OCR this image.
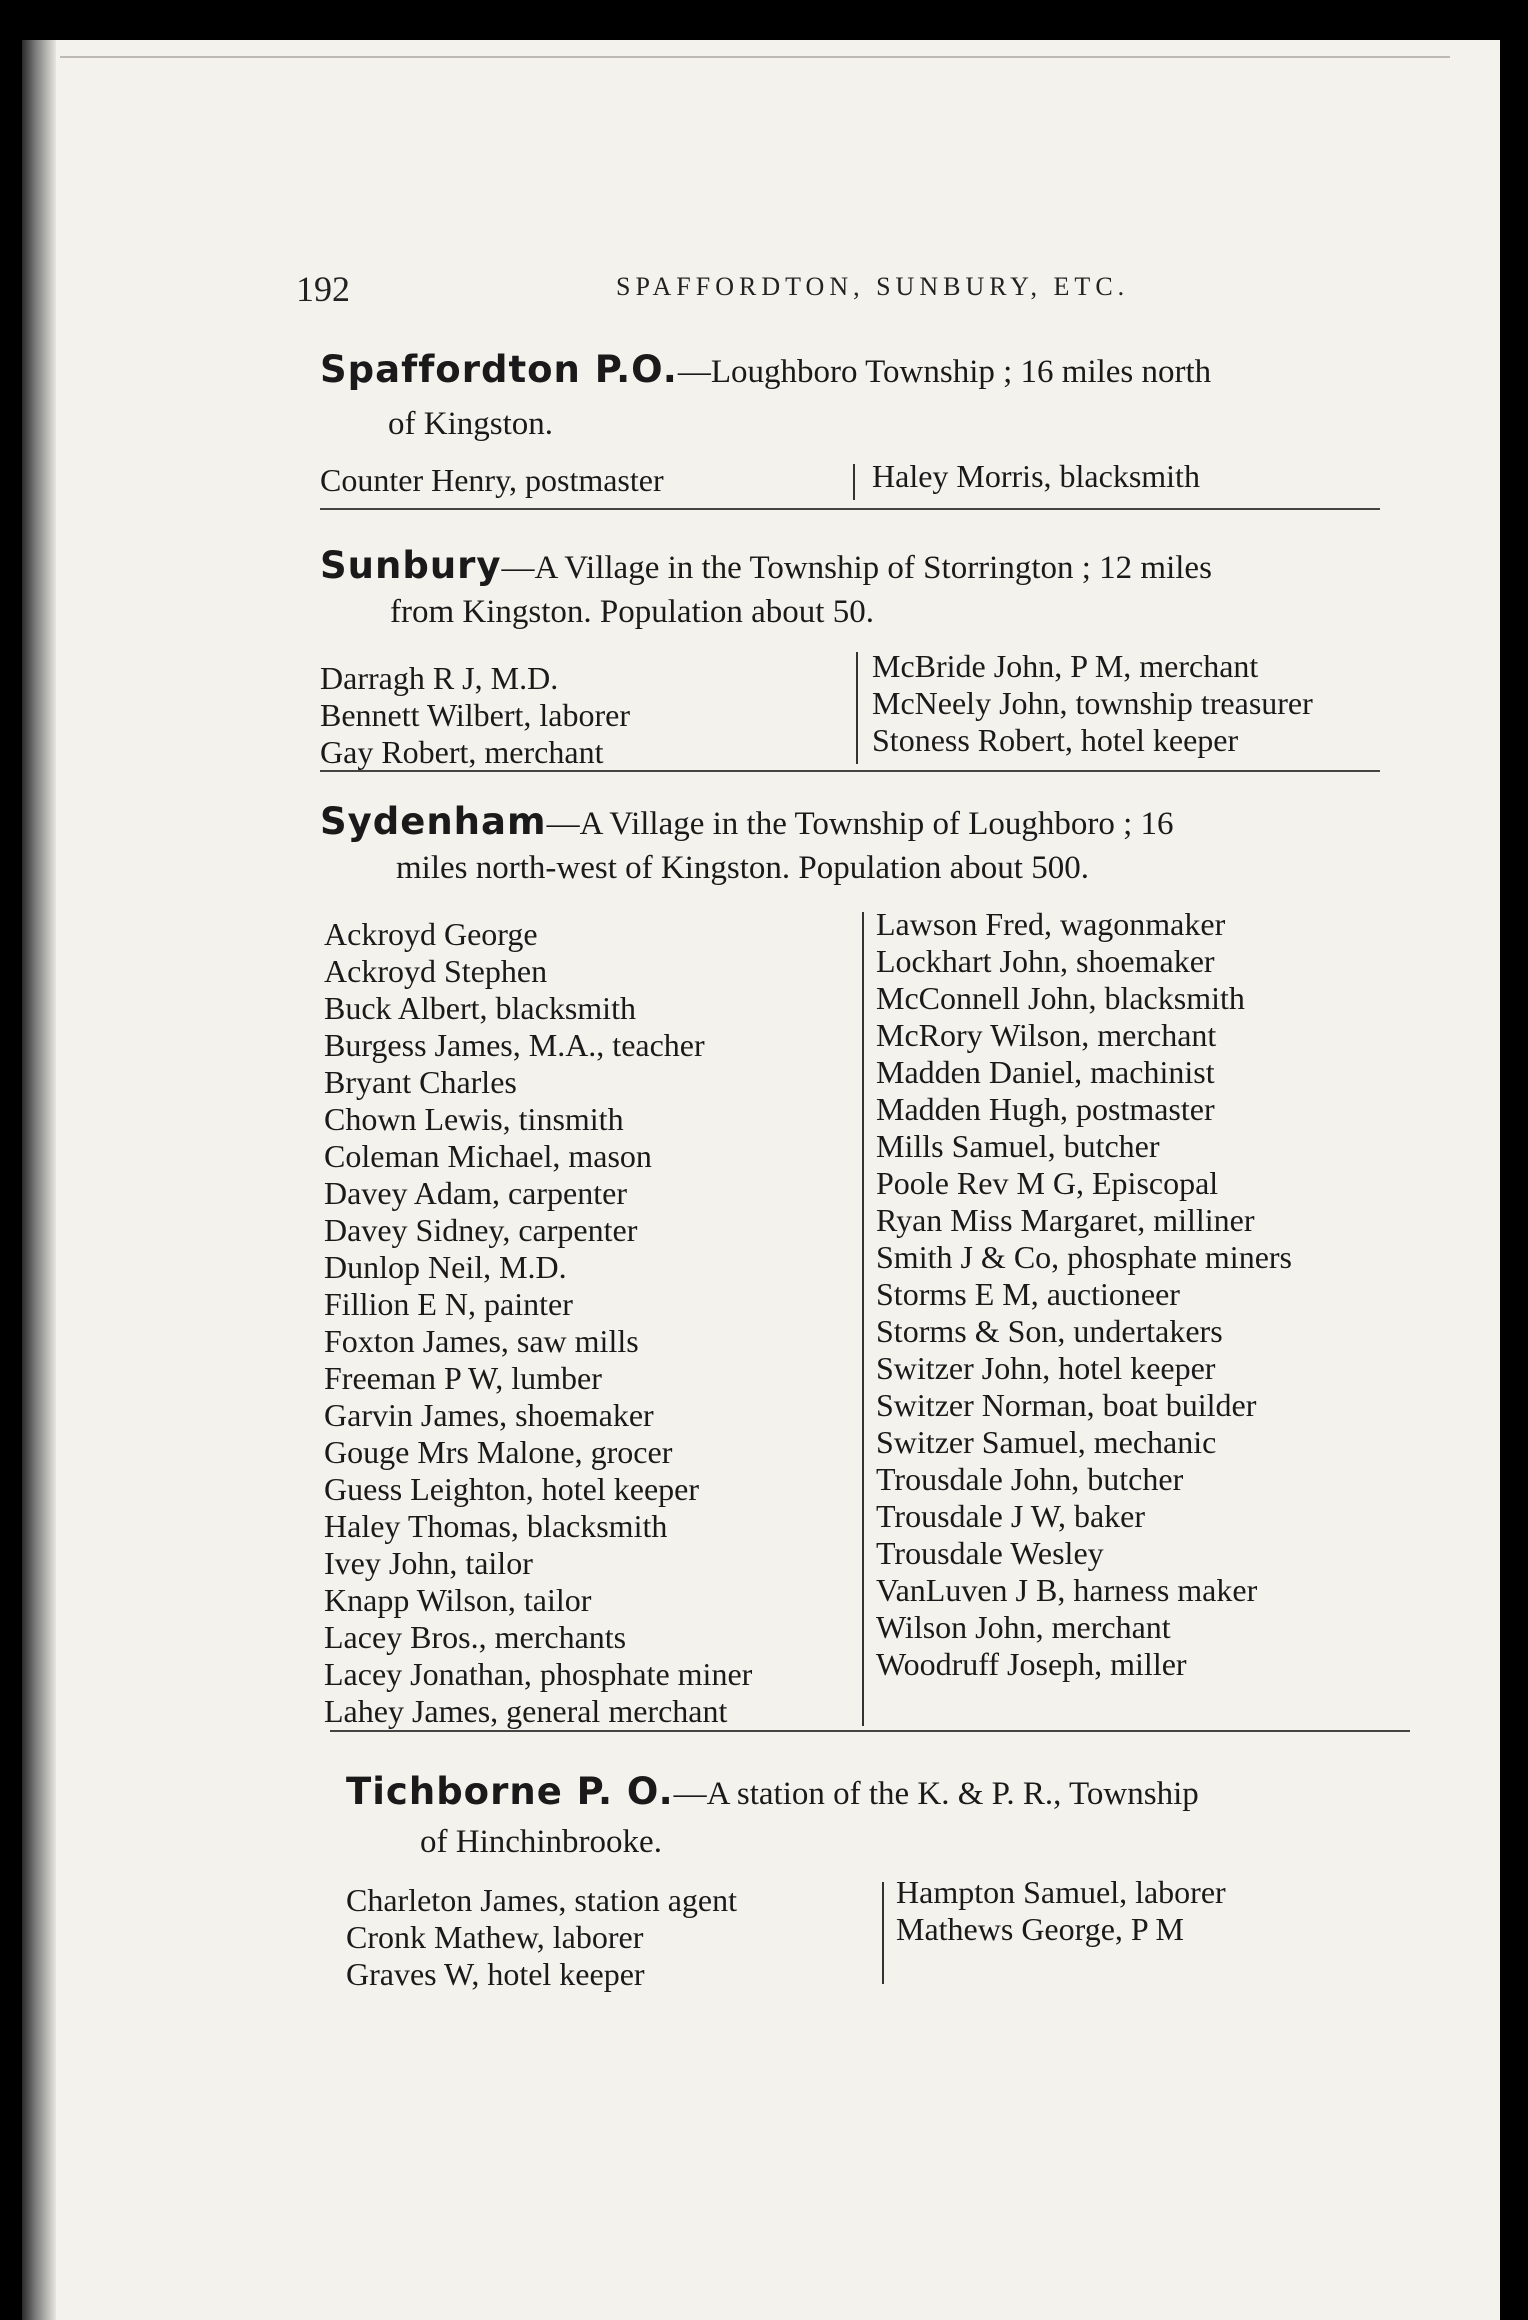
192	SPAFFORDTON, SUNBURY, ETC.
Spaffordton P.O.—Loughboro Township ; 16 miles north
of Kingston.
Counter Henry, postmaster	Haley Morris, blacksmith
Sunbury—A Village in the Township of Storrington ; 12 miles
from Kingston. Population about 50.
Darragh R J, M.D.
Bennett Wilbert, laborer
Gay Robert, merchant
McBride John, P M, merchant
McNeely John, township treasurer
Stoness Robert, hotel keeper
Sydenham—A Village in the Township of Loughboro ; 16
miles north-west of Kingston. Population about 500.
Ackroyd George
Ackroyd Stephen
Buck Albert, blacksmith
Burgess James, M.A., teacher
Bryant Charles
Chown Lewis, tinsmith
Coleman Michael, mason
Davey Adam, carpenter
Davey Sidney, carpenter
Dunlop Neil, M.D.
Fillion E N, painter
Foxton James, saw mills
Freeman P W, lumber
Garvin James, shoemaker
Gouge Mrs Malone, grocer
Guess Leighton, hotel keeper
Haley Thomas, blacksmith
Ivey John, tailor
Knapp Wilson, tailor
Lacey Bros., merchants
Lacey Jonathan, phosphate miner
Lahey James, general merchant
Lawson Fred, wagonmaker
Lockhart John, shoemaker
McConnell John, blacksmith
McRory Wilson, merchant
Madden Daniel, machinist
Madden Hugh, postmaster
Mills Samuel, butcher
Poole Rev M G, Episcopal
Ryan Miss Margaret, milliner
Smith J & Co, phosphate miners
Storms E M, auctioneer
Storms & Son, undertakers
Switzer John, hotel keeper
Switzer Norman, boat builder
Switzer Samuel, mechanic
Trousdale John, butcher
Trousdale J W, baker
Trousdale Wesley
VanLuven J B, harness maker
Wilson John, merchant
Woodruff Joseph, miller
Tichborne P. O.—A station of the K. & P. R., Township
of Hinchinbrooke.
Charleton James, station agent
Cronk Mathew, laborer
Graves W, hotel keeper
Hampton Samuel, laborer
Mathews George, P M
